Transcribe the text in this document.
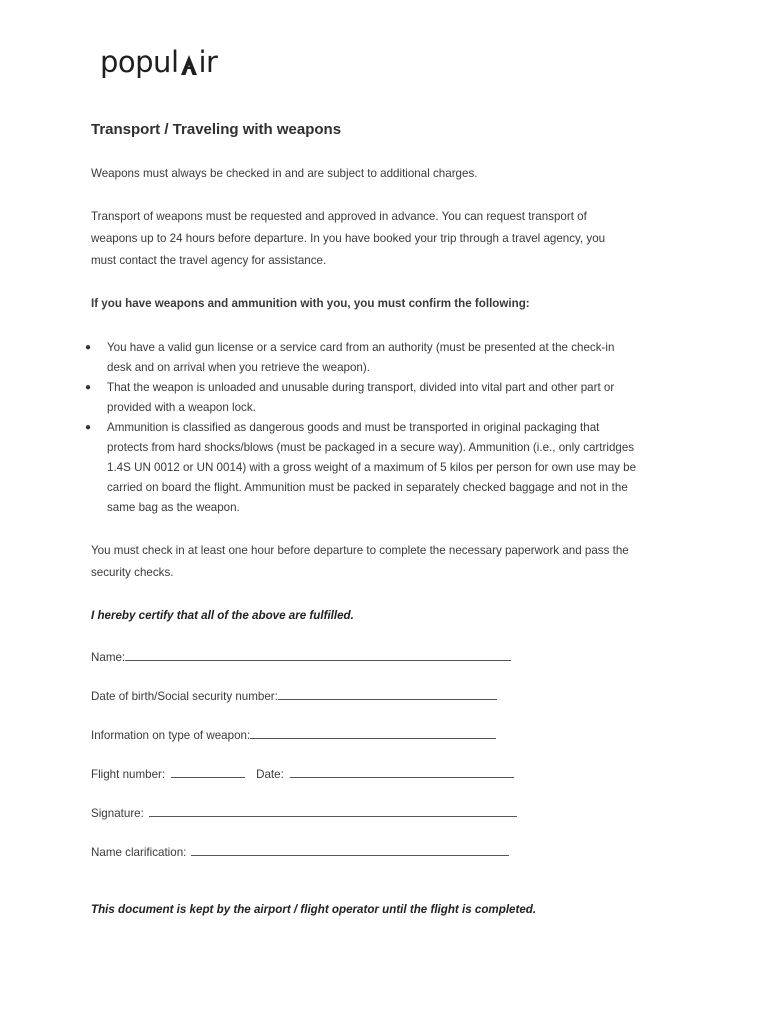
popul ir
Transport / Traveling with weapons
Weapons must always be checked in and are subject to additional charges.
Transport of weapons must be requested and approved in advance. You can request transport of
weapons up to 24 hours before departure. In you have booked your trip through a travel agency, you
must contact the travel agency for assistance.
If you have weapons and ammunition with you, you must confirm the following:
● You have a valid gun license or a service card from an authority (must be presented at the check-in
desk and on arrival when you retrieve the weapon).
● That the weapon is unloaded and unusable during transport, divided into vital part and other part or
provided with a weapon lock.
● Ammunition is classified as dangerous goods and must be transported in original packaging that
protects from hard shocks/blows (must be packaged in a secure way). Ammunition (i.e., only cartridges
1.4S UN 0012 or UN 0014) with a gross weight of a maximum of 5 kilos per person for own use may be
carried on board the flight. Ammunition must be packed in separately checked baggage and not in the
same bag as the weapon.
You must check in at least one hour before departure to complete the necessary paperwork and pass the
security checks.
I hereby certify that all of the above are fulfilled.
Name:
Date of birth/Social security number:
Information on type of weapon:
Flight number:	Date:
Signature:
Name clarification:
This document is kept by the airport / flight operator until the flight is completed.
